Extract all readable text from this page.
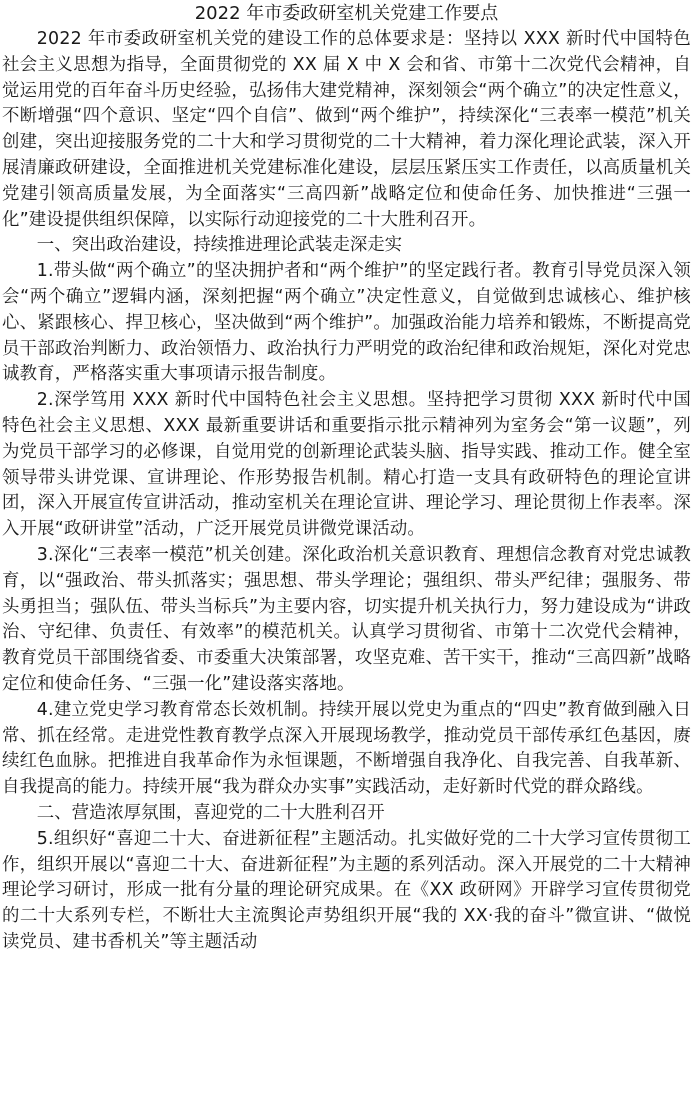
2022 年市委政研室机关党建工作要点

2022 年市委政研室机关党的建设工作的总体要求是：坚持以 XXX 新时代中国特色社会主义思想为指导，全面贯彻党的 XX 届 X 中 X 会和省、市第十二次党代会精神，自觉运用党的百年奋斗历史经验，弘扬伟大建党精神，深刻领会“两个确立”的决定性意义，不断增强“四个意识、坚定“四个自信”、做到“两个维护”，持续深化“三表率一模范”机关创建，突出迎接服务党的二十大和学习贯彻党的二十大精神，着力深化理论武装，深入开展清廉政研建设，全面推进机关党建标准化建设，层层压紧压实工作责任，以高质量机关党建引领高质量发展，为全面落实“三高四新”战略定位和使命任务、加快推进“三强一化”建设提供组织保障，以实际行动迎接党的二十大胜利召开。

一、突出政治建设，持续推进理论武装走深走实

1.带头做“两个确立”的坚决拥护者和“两个维护”的坚定践行者。教育引导党员深入领会“两个确立”逻辑内涵，深刻把握“两个确立”决定性意义，自觉做到忠诚核心、维护核心、紧跟核心、捍卫核心，坚决做到“两个维护”。加强政治能力培养和锻炼，不断提高党员干部政治判断力、政治领悟力、政治执行力严明党的政治纪律和政治规矩，深化对党忠诚教育，严格落实重大事项请示报告制度。

2.深学笃用 XXX 新时代中国特色社会主义思想。坚持把学习贯彻 XXX 新时代中国特色社会主义思想、XXX 最新重要讲话和重要指示批示精神列为室务会“第一议题”，列为党员干部学习的必修课，自觉用党的创新理论武装头脑、指导实践、推动工作。健全室领导带头讲党课、宣讲理论、作形势报告机制。精心打造一支具有政研特色的理论宣讲团，深入开展宣传宣讲活动，推动室机关在理论宣讲、理论学习、理论贯彻上作表率。深入开展“政研讲堂”活动，广泛开展党员讲微党课活动。

3.深化“三表率一模范”机关创建。深化政治机关意识教育、理想信念教育对党忠诚教育，以“强政治、带头抓落实；强思想、带头学理论；强组织、带头严纪律；强服务、带头勇担当；强队伍、带头当标兵”为主要内容，切实提升机关执行力，努力建设成为“讲政治、守纪律、负责任、有效率”的模范机关。认真学习贯彻省、市第十二次党代会精神，教育党员干部围绕省委、市委重大决策部署，攻坚克难、苦干实干，推动“三高四新”战略定位和使命任务、“三强一化”建设落实落地。

4.建立党史学习教育常态长效机制。持续开展以党史为重点的“四史”教育做到融入日常、抓在经常。走进党性教育教学点深入开展现场教学，推动党员干部传承红色基因，赓续红色血脉。把推进自我革命作为永恒课题，不断增强自我净化、自我完善、自我革新、自我提高的能力。持续开展“我为群众办实事”实践活动，走好新时代党的群众路线。

二、营造浓厚氛围，喜迎党的二十大胜利召开

5.组织好“喜迎二十大、奋进新征程”主题活动。扎实做好党的二十大学习宣传贯彻工作，组织开展以“喜迎二十大、奋进新征程”为主题的系列活动。深入开展党的二十大精神理论学习研讨，形成一批有分量的理论研究成果。在《XX 政研网》开辟学习宣传贯彻党的二十大系列专栏，不断壮大主流舆论声势组织开展“我的 XX·我的奋斗”微宣讲、“做悦读党员、建书香机关”等主题活动
